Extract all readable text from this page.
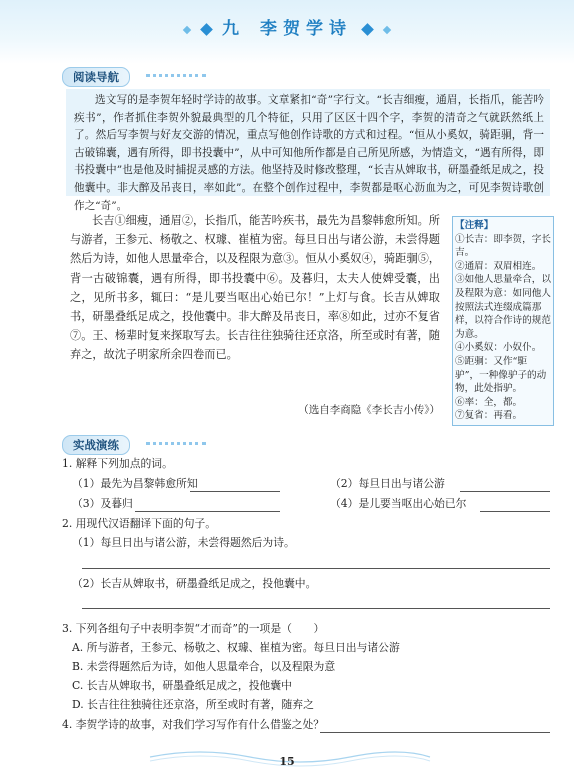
九 李贺学诗
阅读导航
选文写的是李贺年轻时学诗的故事。文章紧扣“奇”字行文。“长吉细瘦，通眉，长指爪，能苦吟疾书”，作者抓住李贺外貌最典型的几个特征，只用了区区十四个字，李贺的清奇之气就跃然纸上了。然后写李贺与好友交游的情况，重点写他创作诗歌的方式和过程。“恒从小奚奴，骑距𬳶，背一古破锦囊，遇有所得，即书投囊中”，从中可知他所作都是自己所见所感，为情造文，“遇有所得，即书投囊中”也是他及时捕捉灵感的方法。他坚持及时修改整理，“长吉从婢取书，研墨叠纸足成之，投他囊中。非大醉及吊丧日，率如此”。在整个创作过程中，李贺都是呕心沥血为之，可见李贺诗歌创作之“奇”。
长吉①细瘦，通眉②，长指爪，能苦吟疾书，最先为昌黎韩愈所知。所与游者，王参元、杨敬之、权璩、崔植为密。每旦日出与诸公游，未尝得题然后为诗，如他人思量牵合，以及程限为意③。恒从小奚奴④，骑距𬳶⑤，背一古破锦囊，遇有所得，即书投囊中⑥。及暮归，太夫人使婢受囊，出之，见所书多，辄曰：“是儿要当呕出心始已尔！”上灯与食。长吉从婢取书，研墨叠纸足成之，投他囊中。非大醉及吊丧日，率⑧如此，过亦不复省⑦。王、杨辈时复来探取写去。长吉往往独骑往还京洛，所至或时有著，随弃之，故沈子明家所余四卷而已。
（选自李商隐《李长吉小传》）
【注释】
①长吉：即李贺，字长吉。
②通眉：双眉相连。
③如他人思量牵合，以及程限为意：如同他人按照法式连缀成篇那样，以符合作诗的规范为意。
④小奚奴：小奴仆。
⑤距𬳶：又作“駏驴”，一种像驴子的动物，此处指驴。
⑥率：全，都。
⑦复省：再看。
实战演练
1. 解释下列加点的词。
（1）最先为昌黎韩愈所知	（2）每旦日出与诸公游
（3）及暮归	（4）是儿要当呕出心始已尔
2. 用现代汉语翻译下面的句子。
（1）每旦日出与诸公游，未尝得题然后为诗。
（2）长吉从婢取书，研墨叠纸足成之，投他囊中。
3. 下列各组句子中表明李贺“才而奇”的一项是（　　）
A. 所与游者，王参元、杨敬之、权璩、崔植为密。每旦日出与诸公游
B. 未尝得题然后为诗，如他人思量牵合，以及程限为意
C. 长吉从婢取书，研墨叠纸足成之，投他囊中
D. 长吉往往独骑往还京洛，所至或时有著，随弃之
4. 李贺学诗的故事，对我们学习写作有什么借鉴之处？
15
